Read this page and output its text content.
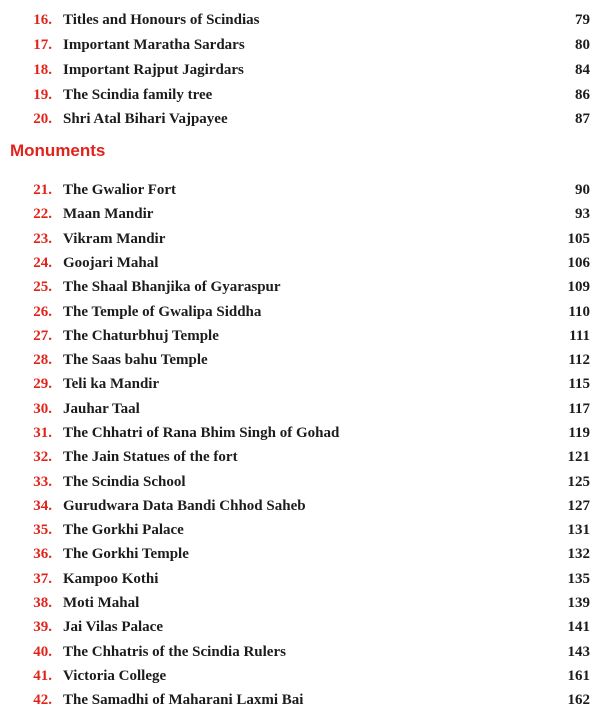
16. Titles and Honours of Scindias	79
17. Important Maratha Sardars	80
18. Important Rajput Jagirdars	84
19. The Scindia family tree	86
20. Shri Atal Bihari Vajpayee	87
Monuments
21. The Gwalior Fort	90
22. Maan Mandir	93
23. Vikram Mandir	105
24. Goojari Mahal	106
25. The Shaal Bhanjika of Gyaraspur	109
26. The Temple of Gwalipa Siddha	110
27. The Chaturbhuj Temple	111
28. The Saas bahu Temple	112
29. Teli ka Mandir	115
30. Jauhar Taal	117
31. The Chhatri of Rana Bhim Singh of Gohad	119
32. The Jain Statues of the fort	121
33. The Scindia School	125
34. Gurudwara Data Bandi Chhod Saheb	127
35. The Gorkhi Palace	131
36. The Gorkhi Temple	132
37. Kampoo Kothi	135
38. Moti Mahal	139
39. Jai Vilas Palace	141
40. The Chhatris of the Scindia Rulers	143
41. Victoria College	161
42. The Samadhi of Maharani Laxmi Bai	162
